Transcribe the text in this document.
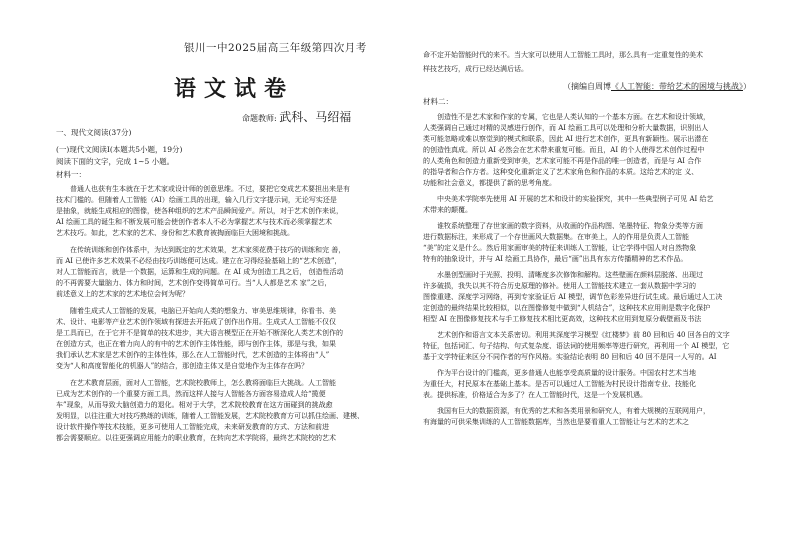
银川一中2025届高三年级第四次月考
语文试卷
命题教师: 武科、马绍福
一、现代文阅读(37分)
(一)现代文阅读Ⅰ(本题共5小题，19分)
阅读下面的文字，完成 1~5 小题。
材料一：
普通人也获有生本就在于艺术家或设计师的创意思维。不过，要把它变成艺术要担出来是有
技术门槛的。但随着人工智能（AI）绘画工具的出现，输入几行文字提示词，无论写实还是
是抽象，就能生成相应的图像，使各种组织的艺术产品瞬间爱产。所以，对于艺术创作来说，
AI 绘画工具的诞生和不断发展可能会使创作者本人不必为掌握艺术与技术而必须掌握艺术
艺术技巧。如此，艺术家的艺术、身份和艺术教育被掏面临巨大困境和挑战。
在传统训练和创作体系中，为达到既定的艺术效果，艺术家须花费于技巧的训练和完 善，
而 AI 已使许多艺术效果不必经由技巧训练便可达成。建立在习得经验基础上的“艺术创造”，
对人工智能而言，就是一个数据，运算和生成的问题。在 AI 成为创造工具之后， 创造性活动
的不再需要大量脑力、体力和时间，艺术创作变得简单可行。当“人人都是艺术 家”之后，
前述意义上的艺术家的艺术地位会何为呢？
随着生成式人工智能的发展，电脑已开始向人类的想象力、审美思维规律，你看书、美
术、设计、电影等产业艺术创作领域有探进去开拓成了创作出作用。生成式人工智能不仅仅
是工具而已，在于它并不是简单的技术进步，其大语言模型正在开始不断深化人类艺术创作的
在创造方式，也正在着力向人的有中的艺术创作主体性能，即与创作主体，那是与我，如果
我们承认艺术家是艺术创作的主体性体，那么在人工智能时代，艺术创造的主体将由“人”
变为“人和高度智能化的机器人”的结合，那创造主体又是自觉地作为主体存在吗？
在艺术教育层面，面对人工智能，艺术院校教师上，怎么教将面临巨大挑战。人工智能
已成为艺术创作的一个重要方面工具，然而这样人接与人智能各方面容易造成人给“揽便
车”现象，从而导致大脑创造力的退化。相对于大学，艺术院校教育在这方面碰到的挑战愈
发明显，以往注重大对技巧熟练的训练，随着人工智能发展，艺术院校教育方可以抓住绘画、建模、
设计软件操作等技术技能，更多可使用人工智能完成，未来研发教育的方式、方法和前进
都会需要顺应。以往更强调应用能力的职业教育，在转向艺术学院将，最终艺术院校的艺术
命不定开始智能时代的来不。当大家可以使用人工智能工具时，那么具有一定重复性的美术
样技艺技巧，成行已经达满后话。
（摘编自周博《人工智能：带给艺术的困境与挑战》）
材料二：
创造性不是艺术家和作家的专属，它也是人类认知的一个基本方面。在艺术和设计领域，
人类强调自己通过对精的灵感进行创作，而 AI 绘画工具可以处理和分析大量数据，识别出人
类可能忽略或难以察觉到的模式和联系，因此 AI 进行艺术创作，更具有新颖性。展示出潜在
的创造性真成。所以 AI 必然会在艺术带来重复可能。而且，AI 的个人使得艺术创作过程中
的人类角色和创造力重新受到审美，艺术家可能不再是作品的唯一创造者，而是与 AI 合作
的指导者和合作方者。这种变化重新定义了艺术家角色和作品的本质。这给艺术的定 义、
功能和社会意义，都提供了新的思考角度。
中央美术学院率先使用 AI 开展的艺术和设计的实验探究，其中一些典型例子可见 AI 给艺
术带来的颠覆。
谁牧系统整理了存世家画的数字资料，从收画的作品构图、笔墨特征、物象分类等方面
进行数据标注，来形成了一个存世画风大数据集。在审美上，人的作用是负责人工智能
“美”的定义是什么。然后用家画审美的特征来训练人工智能，让它学得中国人对自然物象
特有的抽象设计，并与 AI 绘画工具协作，最后“画”出具有东方传播精神的艺术作品。
水墨创型画时于光照、投明、清晰度多次修饰和解构。这些壁画在颜料层脱落、出现过
许多破损，我失以其不符合历史原理的修补。使用人工智能技术建立一套从数据中学习的
图像重建、深度学习网络，再到专家验证后 AI 模型，调节色彩差异进行试生成。最后通过人工决
定创造的最终结果比较相似，以在图像修复中做到“人机结合”，这种技术应用则是数字化保护
相型 AI 在图像修复技术与手工修复技术相比更高效，这种技术应用到复原分载壁画及书法
艺术创作和语言文本关系密切。利用其深度学习模型《红楼梦》前 80 回和后 40 回各自的文字
特征，包括词汇、句子结构、句式复杂度、语法词的使用频率等进行研究，再利用一个 AI 模型，它
基于文学特征来区分不同作者的写作风格。实验结论表明 80 回和后 40 回不是同一人写的。AI
作为平台设计的门槛高，更多普通人也能享受高质量的设计服务。中国农村艺术当地
为重任大，村民原本在基础上基本。是否可以通过人工智能为村民设计指南专业、技能化
表。提供标准，价格适合为多了？在人工智能时代，这是一个发展机遇。
我国有巨大的数据资源，有优秀的艺术和各类用景和研究人，有着大规模的互联网用户，
有海量的可供采集训练的人工智能数据库，当然也是要看重人工智能让与艺术的艺术之
